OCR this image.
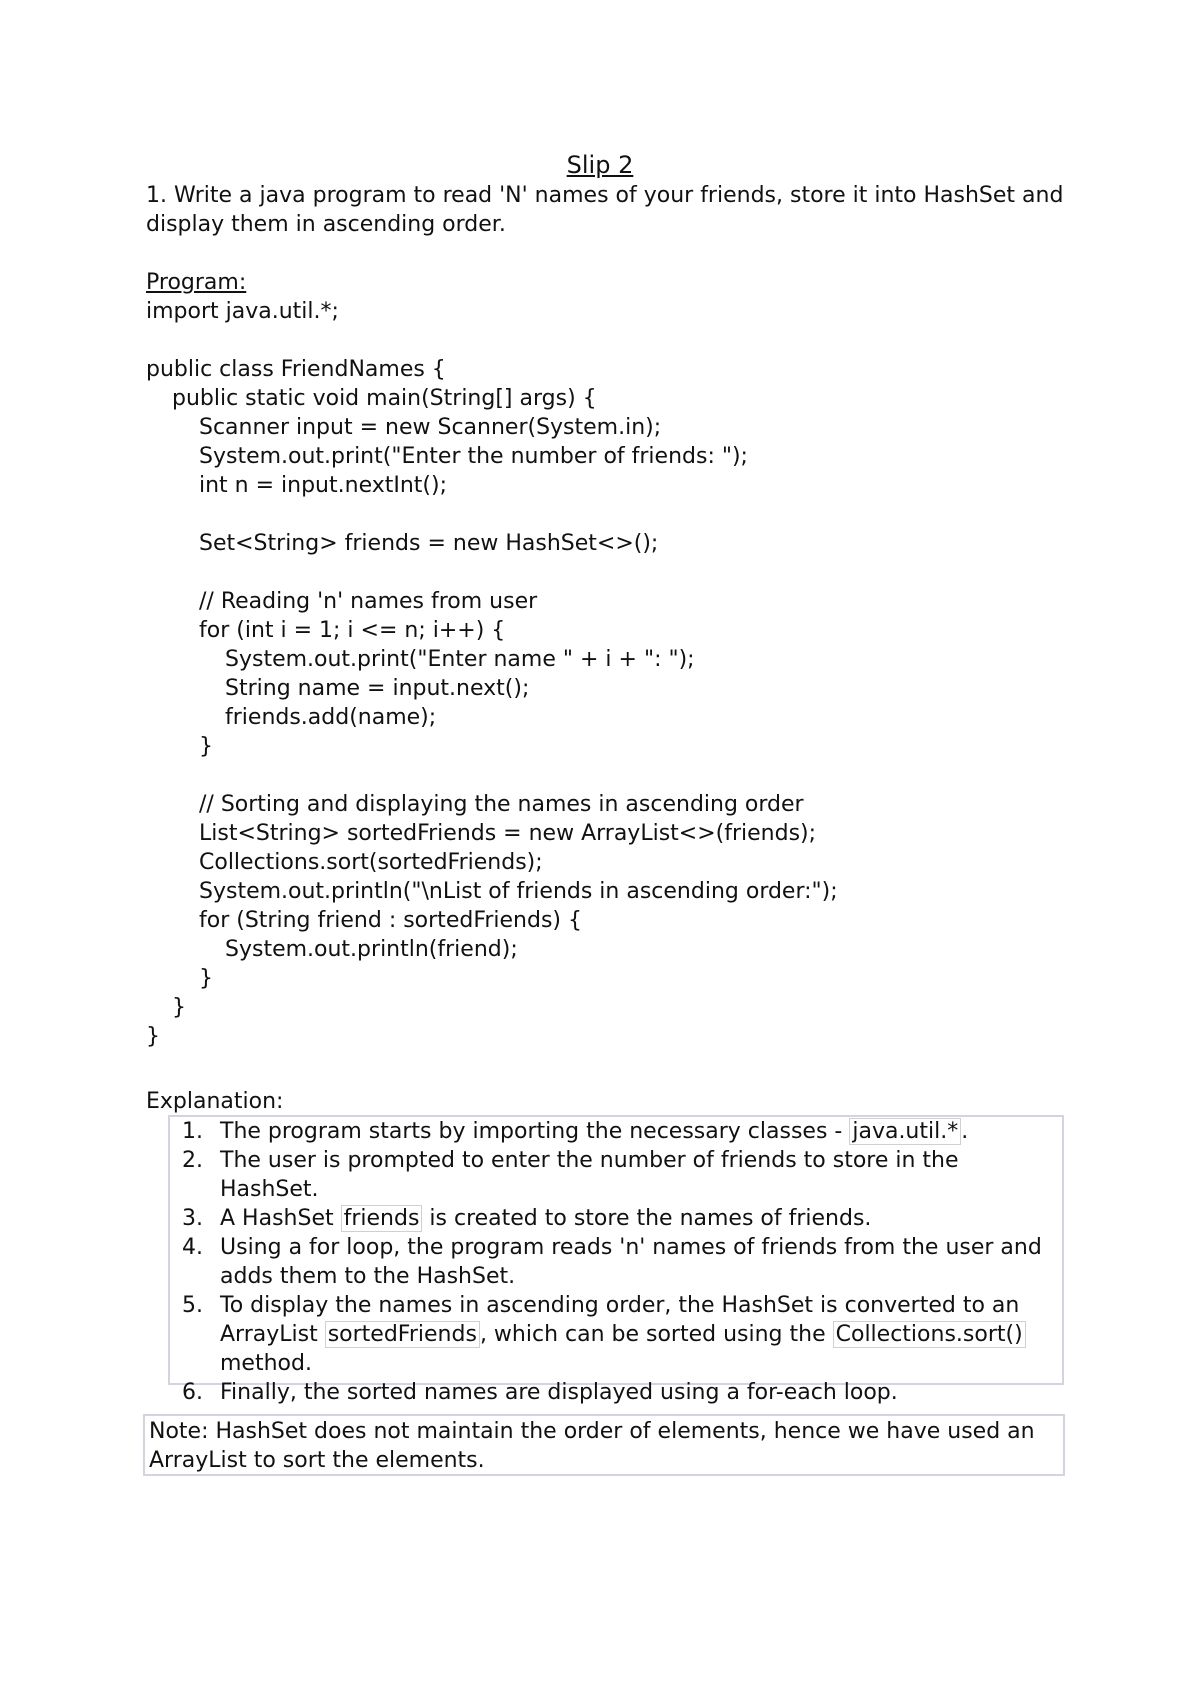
Slip 2
1. Write a java program to read 'N' names of your friends, store it into HashSet and display them in ascending order.
Program:
import java.util.*;
public class FriendNames {
public static void main(String[] args) {
Scanner input = new Scanner(System.in);
System.out.print("Enter the number of friends: ");
int n = input.nextInt();
Set<String> friends = new HashSet<>();
// Reading 'n' names from user
for (int i = 1; i <= n; i++) {
System.out.print("Enter name " + i + ": ");
String name = input.next();
friends.add(name);
}
// Sorting and displaying the names in ascending order
List<String> sortedFriends = new ArrayList<>(friends);
Collections.sort(sortedFriends);
System.out.println("\nList of friends in ascending order:");
for (String friend : sortedFriends) {
System.out.println(friend);
}
}
}
Explanation:
1. The program starts by importing the necessary classes - java.util.* .
2. The user is prompted to enter the number of friends to store in the HashSet.
3. A HashSet friends is created to store the names of friends.
4. Using a for loop, the program reads 'n' names of friends from the user and adds them to the HashSet.
5. To display the names in ascending order, the HashSet is converted to an ArrayList sortedFriends , which can be sorted using the Collections.sort() method.
6. Finally, the sorted names are displayed using a for-each loop.
Note: HashSet does not maintain the order of elements, hence we have used an ArrayList to sort the elements.
